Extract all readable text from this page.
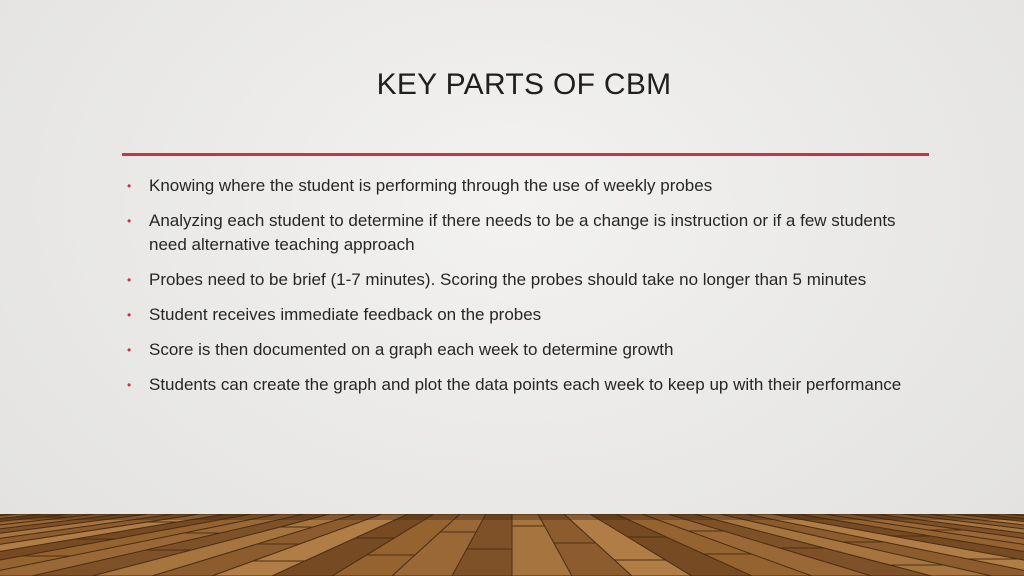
KEY PARTS OF CBM
• Knowing where the student is performing through the use of weekly probes
• Analyzing each student to determine if there needs to be a change is instruction or if a few students need alternative teaching approach
• Probes need to be brief (1-7 minutes). Scoring the probes should take no longer than 5 minutes
• Student receives immediate feedback on the probes
• Score is then documented on a graph each week to determine growth
• Students can create the graph and plot the data points each week to keep up with their performance
